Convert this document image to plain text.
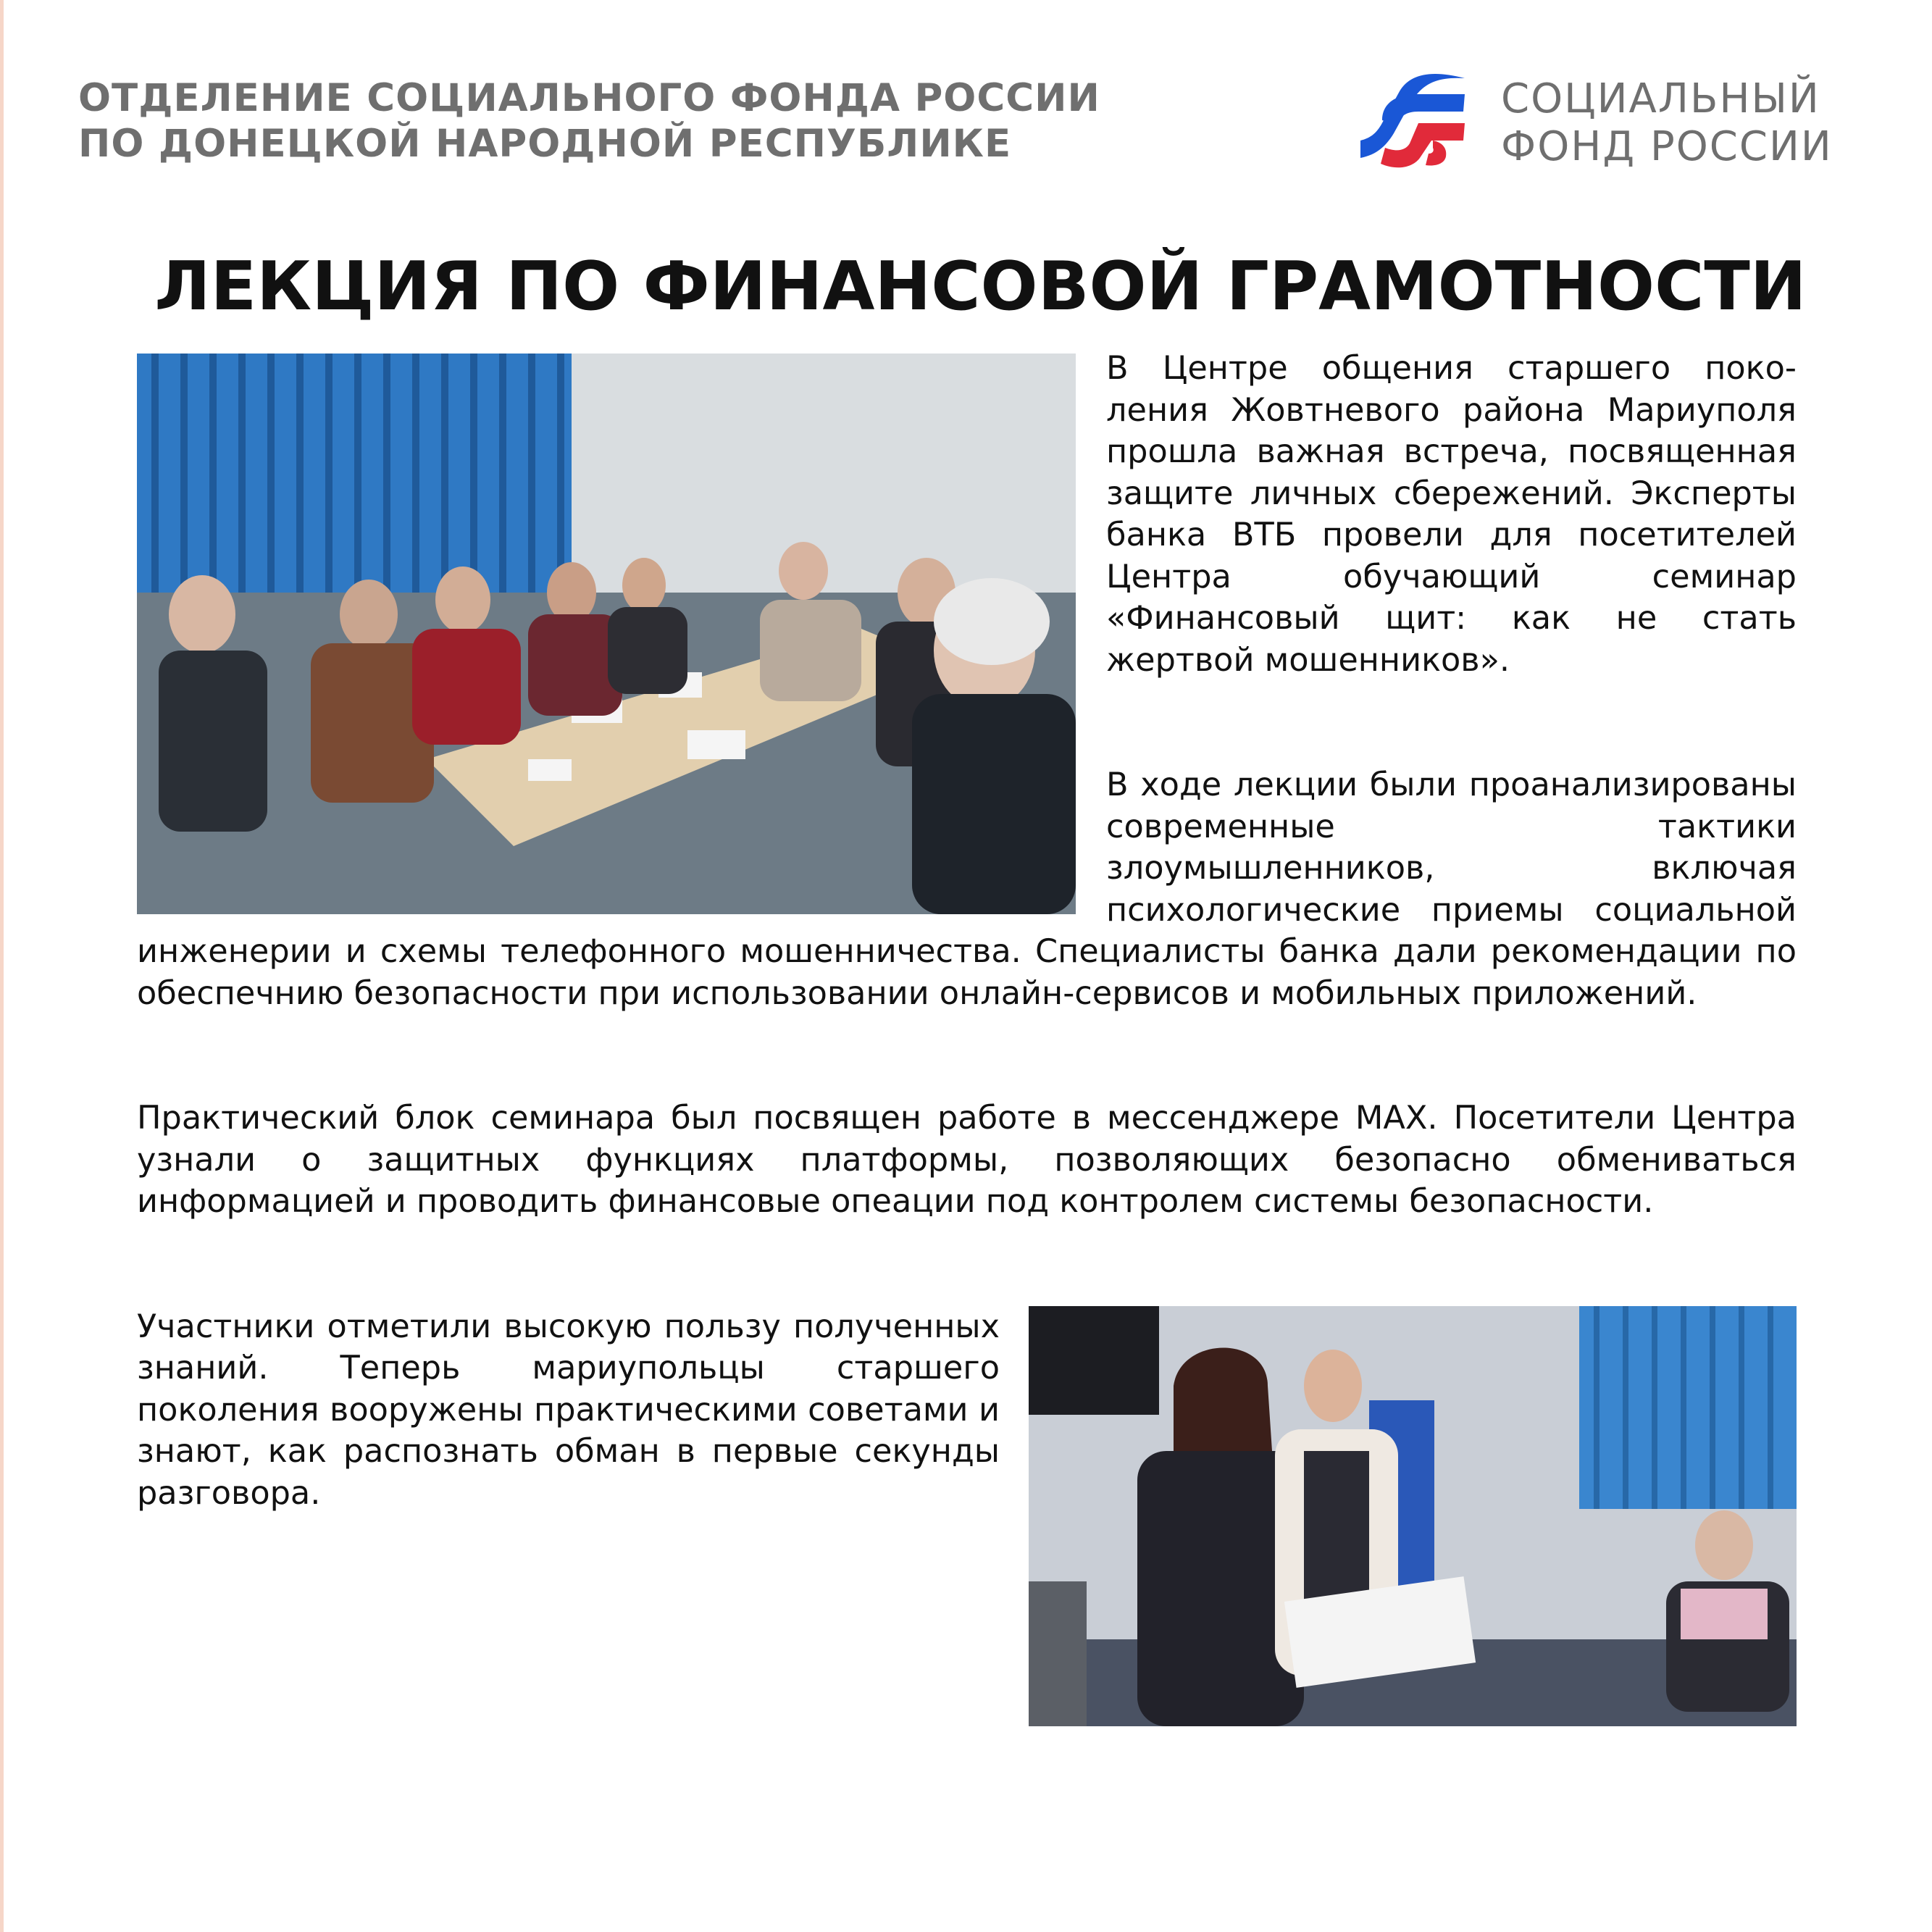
ОТДЕЛЕНИЕ СОЦИАЛЬНОГО ФОНДА РОССИИ
ПО ДОНЕЦКОЙ НАРОДНОЙ РЕСПУБЛИКЕ
СОЦИАЛЬНЫЙ
ФОНД РОССИИ
ЛЕКЦИЯ ПО ФИНАНСОВОЙ ГРАМОТНОСТИ

В Центре общения старшего поко-ления Жовтневого района Мариуполя прошла важная встреча, посвященная защите личных сбережений. Эксперты банка ВТБ провели для посетителей Центра обучающий семинар «Финансовый щит: как не стать жертвой мошенников».

В ходе лекции были проанализированы современные тактики злоумышленников, включая психологические приемы социальной инженерии и схемы телефонного мошенничества. Специалисты банка дали рекомендации по обеспечнию безопасности при использовании онлайн-сервисов и мобильных приложений.

Практический блок семинара был посвящен работе в мессенджере MAX. Посетители Центра узнали о защитных функциях платформы, позволяющих безопасно обмениваться информацией и проводить финансовые опеации под контролем системы безопасности.

Участники отметили высокую пользу полученных знаний. Теперь мариупольцы старшего поколения вооружены практическими советами и знают, как распознать обман в первые секунды разговора.
